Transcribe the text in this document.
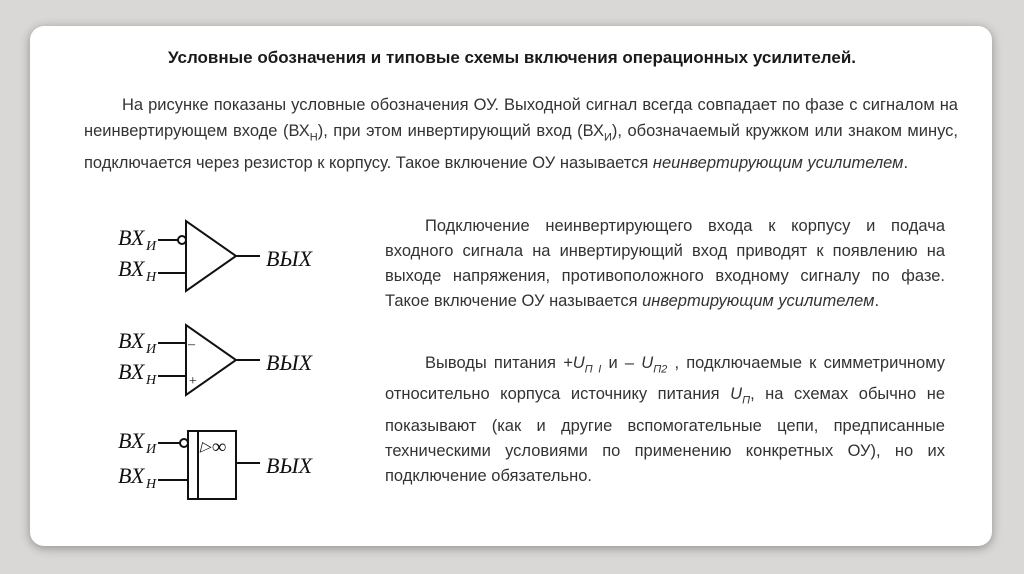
Условные обозначения и типовые схемы включения операционных усилителей.
На рисунке показаны условные обозначения ОУ. Выходной сигнал всегда совпадает по фазе с сигналом на неинвертирующем входе $(ВХ_Н)$, при этом инвертирующий вход $(ВХ_И)$, обозначаемый кружком или знаком минус, подключается через резистор к корпусу. Такое включение ОУ называется неинвертирующим усилителем.
Подключение неинвертирующего входа к корпусу и подача входного сигнала на инвертирующий вход приводят к появлению на выходе напряжения, противоположного входному сигналу по фазе. Такое включение ОУ называется инвертирующим усилителем.
Выводы питания $+U_{П I}$ и – $U_{П2}$ , подключаемые к симметричному относительно корпуса источнику питания $U_П$, на схемах обычно не показывают (как и другие вспомогательные цепи, предписанные техническими условиями по применению конкретных ОУ), но их подключение обязательно.
ВХ И
ВХ Н
ВЫХ
ВХ И
ВХ Н
–
+
ВЫХ
ВХ И
ВХ Н
▷ ∞
ВЫХ
